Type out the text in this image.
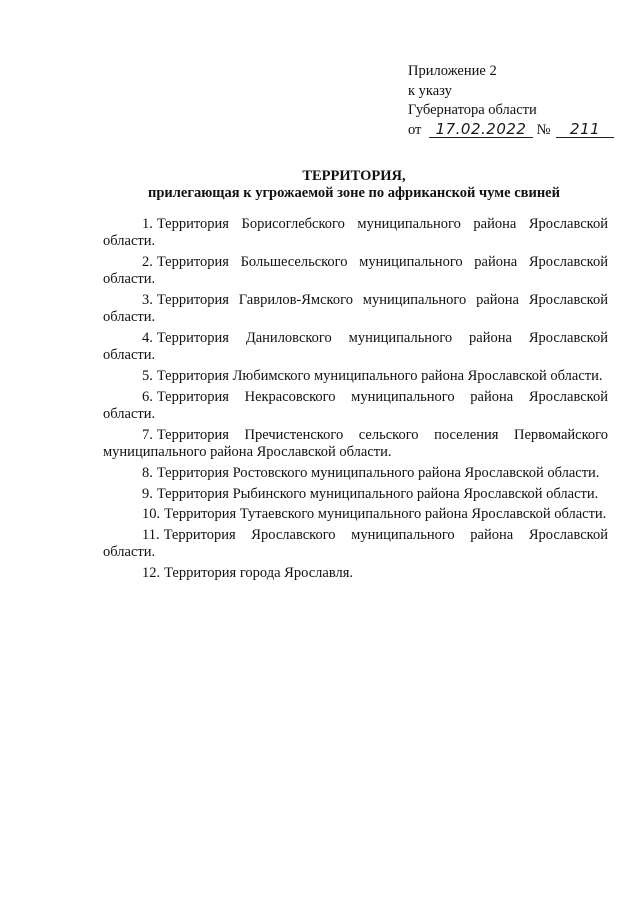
Приложение 2
к указу
Губернатора области
от 17.02.2022 № 211
ТЕРРИТОРИЯ,
прилегающая к угрожаемой зоне по африканской чуме свиней

1. Территория Борисоглебского муниципального района Ярославской области.

2. Территория Большесельского муниципального района Ярославской области.

3. Территория Гаврилов-Ямского муниципального района Ярославской области.

4. Территория Даниловского муниципального района Ярославской области.

5. Территория Любимского муниципального района Ярославской области.

6. Территория Некрасовского муниципального района Ярославской области.

7. Территория Пречистенского сельского поселения Первомайского муниципального района Ярославской области.

8. Территория Ростовского муниципального района Ярославской области.

9. Территория Рыбинского муниципального района Ярославской области.

10. Территория Тутаевского муниципального района Ярославской области.

11. Территория Ярославского муниципального района Ярославской области.

12. Территория города Ярославля.
